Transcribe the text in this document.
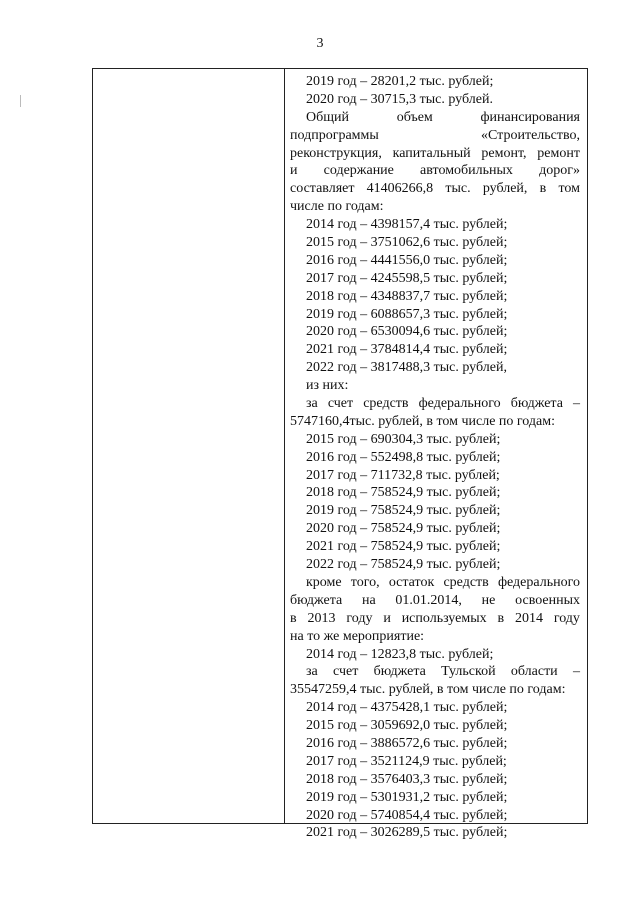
3
2019 год – 28201,2 тыс. рублей;
2020 год – 30715,3 тыс. рублей.
Общий	объем	финансирования
подпрограммы	«Строительство,
реконструкция, капитальный ремонт, ремонт
и содержание автомобильных дорог»
составляет 41406266,8 тыс. рублей, в том
числе по годам:
2014 год – 4398157,4 тыс. рублей;
2015 год – 3751062,6 тыс. рублей;
2016 год – 4441556,0 тыс. рублей;
2017 год – 4245598,5 тыс. рублей;
2018 год – 4348837,7 тыс. рублей;
2019 год – 6088657,3 тыс. рублей;
2020 год – 6530094,6 тыс. рублей;
2021 год – 3784814,4 тыс. рублей;
2022 год – 3817488,3 тыс. рублей,
из них:
за счет средств федерального бюджета –
5747160,4тыс. рублей, в том числе по годам:
2015 год – 690304,3 тыс. рублей;
2016 год – 552498,8 тыс. рублей;
2017 год – 711732,8 тыс. рублей;
2018 год – 758524,9 тыс. рублей;
2019 год – 758524,9 тыс. рублей;
2020 год – 758524,9 тыс. рублей;
2021 год – 758524,9 тыс. рублей;
2022 год – 758524,9 тыс. рублей;
кроме того, остаток средств федерального
бюджета на 01.01.2014, не освоенных
в 2013 году и используемых в 2014 году
на то же мероприятие:
2014 год – 12823,8 тыс. рублей;
за счет бюджета Тульской области –
35547259,4 тыс. рублей, в том числе по годам:
2014 год – 4375428,1 тыс. рублей;
2015 год – 3059692,0 тыс. рублей;
2016 год – 3886572,6 тыс. рублей;
2017 год – 3521124,9 тыс. рублей;
2018 год – 3576403,3 тыс. рублей;
2019 год – 5301931,2 тыс. рублей;
2020 год – 5740854,4 тыс. рублей;
2021 год – 3026289,5 тыс. рублей;
